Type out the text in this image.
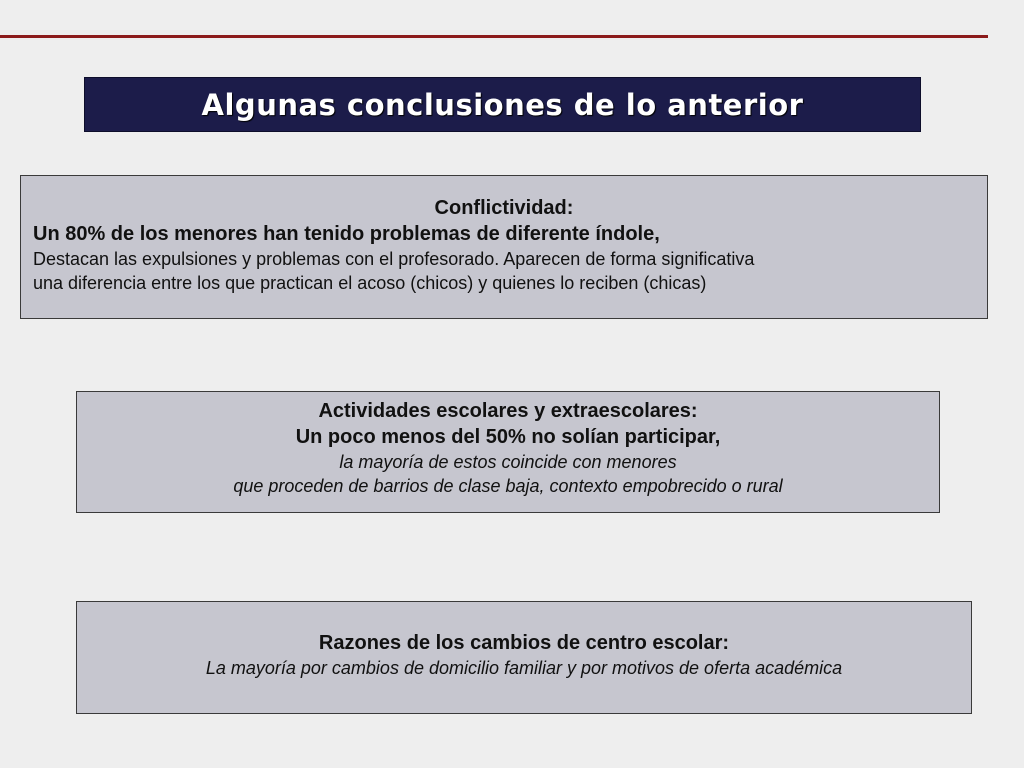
Algunas conclusiones de lo anterior
Conflictividad:
Un 80% de los menores han tenido problemas de diferente índole,
Destacan las expulsiones y problemas con el profesorado. Aparecen de forma significativa
una diferencia entre los que practican el acoso (chicos) y quienes lo reciben (chicas)
Actividades escolares y extraescolares:
Un poco menos del 50% no solían participar,
la mayoría de estos coincide con menores
que proceden de barrios de clase baja, contexto empobrecido o rural
Razones de los cambios de centro escolar:
La mayoría por cambios de domicilio familiar y por motivos de oferta académica
